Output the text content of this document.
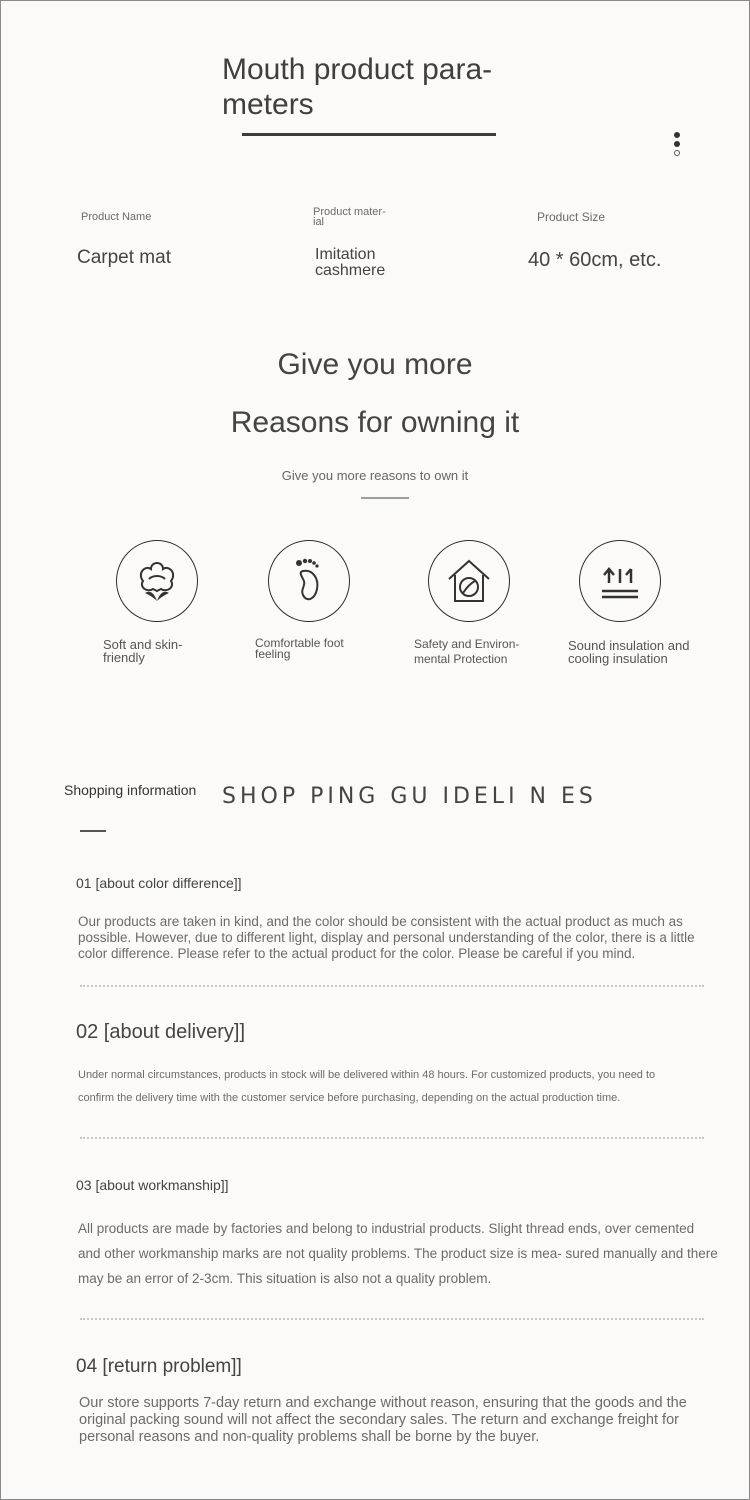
Mouth product para- meters
Product Name
Carpet mat
Product mater- ial
Imitation cashmere
Product Size
40 * 60cm, etc.
Give you more
Reasons for owning it
Give you more reasons to own it
Soft and skin-friendly
Comfortable foot feeling
Safety and Environ- mental Protection
Sound insulation and cooling insulation
Shopping information SHOP PING GU IDELI N ES
01 [about color difference]]
Our products are taken in kind, and the color should be consistent with the actual product as much as possible. However, due to different light, display and personal understanding of the color, there is a little color difference. Please refer to the actual product for the color. Please be careful if you mind.
02 [about delivery]]
Under normal circumstances, products in stock will be delivered within 48 hours. For customized products, you need to confirm the delivery time with the customer service before purchasing, depending on the actual production time.
03 [about workmanship]]
All products are made by factories and belong to industrial products. Slight thread ends, over cemented and other workmanship marks are not quality problems. The product size is mea- sured manually and there may be an error of 2-3cm. This situation is also not a quality problem.
04 [return problem]]
Our store supports 7-day return and exchange without reason, ensuring that the goods and the original packing sound will not affect the secondary sales. The return and exchange freight for personal reasons and non-quality problems shall be borne by the buyer.
